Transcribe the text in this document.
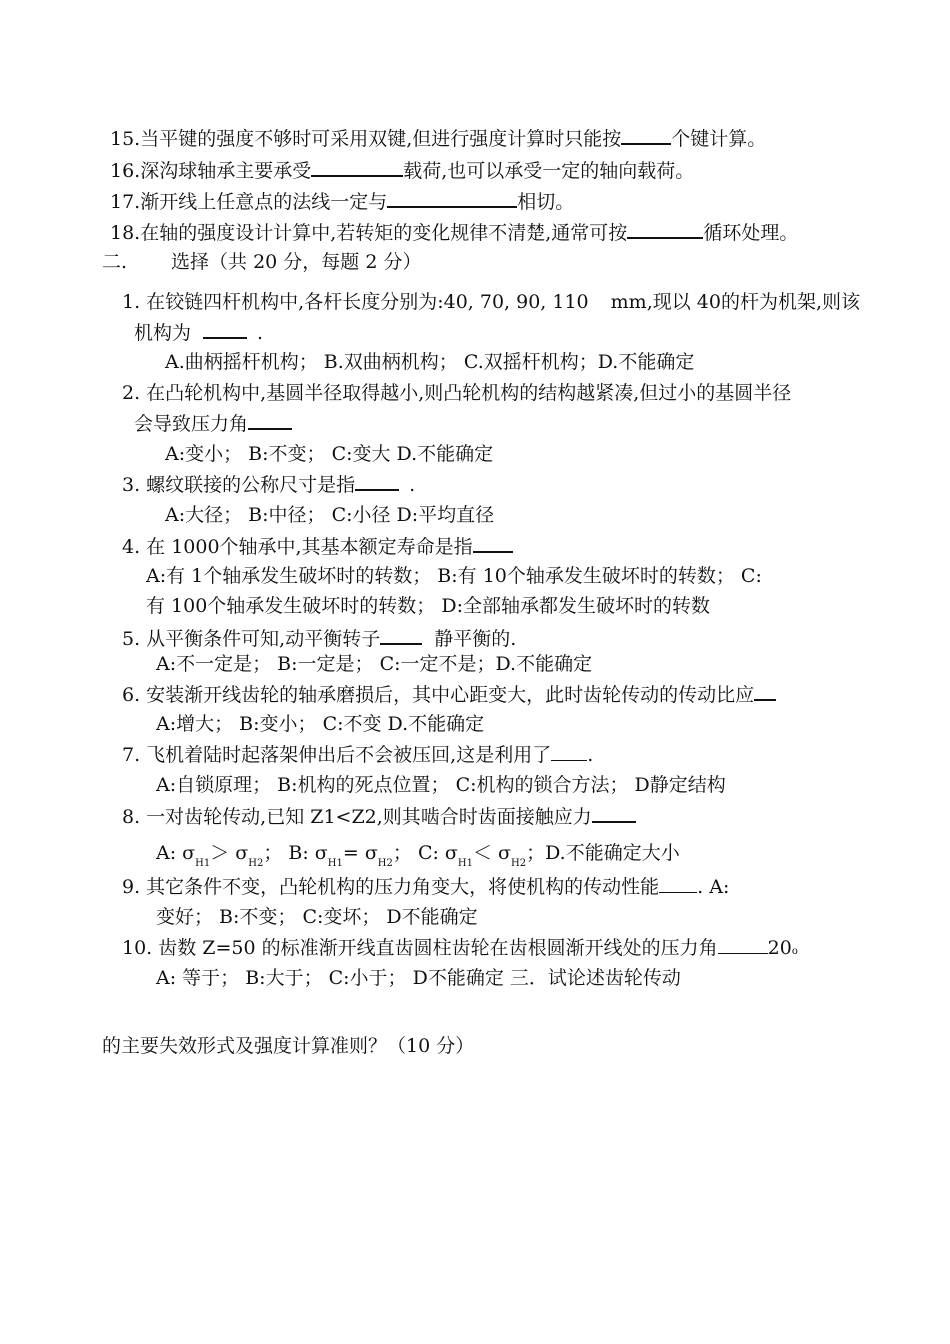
15.当平键的强度不够时可采用双键,但进行强度计算时只能按	个键计算。
16.深沟球轴承主要承受	载荷,也可以承受一定的轴向载荷。
17.渐开线上任意点的法线一定与	相切。
18.在轴的强度设计计算中,若转矩的变化规律不清楚,通常可按	循环处理。
二. 选择（共 20 分，每题 2 分）
1. 在铰链四杆机构中,各杆长度分别为:40, 70, 90, 110 mm,现以 40的杆为机架,则该
机构为	.
A.曲柄摇杆机构； B.双曲柄机构； C.双摇杆机构；D.不能确定
2. 在凸轮机构中,基圆半径取得越小,则凸轮机构的结构越紧凑,但过小的基圆半径
会导致压力角
A:变小； B:不变； C:变大 D.不能确定
3. 螺纹联接的公称尺寸是指	.
A:大径； B:中径； C:小径 D:平均直径
4. 在 1000个轴承中,其基本额定寿命是指
A:有 1个轴承发生破坏时的转数； B:有 10个轴承发生破坏时的转数； C:
有 100个轴承发生破坏时的转数； D:全部轴承都发生破坏时的转数
5. 从平衡条件可知,动平衡转子	静平衡的.
A:不一定是； B:一定是； C:一定不是；D.不能确定
6. 安装渐开线齿轮的轴承磨损后，其中心距变大，此时齿轮传动的传动比应
A:增大； B:变小； C:不变 D.不能确定
7. 飞机着陆时起落架伸出后不会被压回,这是利用了 .
A:自锁原理； B:机构的死点位置； C:机构的锁合方法； D静定结构
8. 一对齿轮传动,已知 Z1<Z2,则其啮合时齿面接触应力
A: $\sigma_{H1}> \sigma_{H2}$； B: $\sigma_{H1}= \sigma_{H2}$； C: $\sigma_{H1}< \sigma_{H2}$；D.不能确定大小
9. 其它条件不变，凸轮机构的压力角变大，将使机构的传动性能 . A:
变好； B:不变； C:变坏； D不能确定
10. 齿数 Z=50 的标准渐开线直齿圆柱齿轮在齿根圆渐开线处的压力角	20o
A: 等于； B:大于； C:小于； D不能确定 三．试论述齿轮传动
的主要失效形式及强度计算准则？（10 分）
